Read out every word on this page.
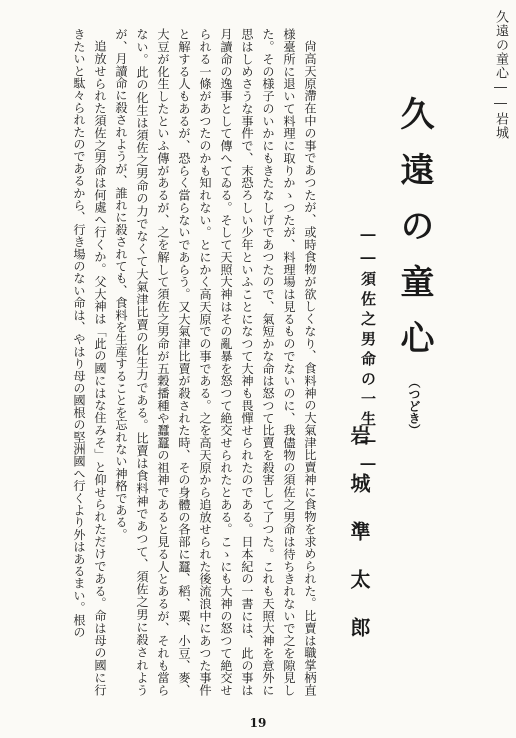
久遠の童心――岩城
久遠の童心（つどき）
――須佐之男命の一生――
岩城準太郎

尙高天原滯在中の事であつたが、或時食物が欲しくなり、食料神の大氣津比賣神に食物を求められた。比賣は職掌柄直様臺所に退いて料理に取りかゝつたが、料理場は見るものでないのに、我儘物の須佐之男命は待ちきれないで之を隙見した。その様子のいかにもきたなしげであつたので、氣短かな命は怒つて比賣を殺害して了つた。これも天照大神を意外に思はしめさうな事件で、末恐ろしい少年といふことになつて大神も畏憚せられたのである。日本紀の一書には、此の事は月讀命の逸事として傳へてゐる。そして天照大神はその亂暴を怒つて絶交せられたとある。こゝにも大神の怒つて絶交せられる一條があつたのかも知れない。とにかく高天原での事である。之を高天原から追放せられた後流浪中にあつた事件と解する人もあるが、恐らく當らないであらう。又大氣津比賣が殺された時、その身體の各部に蠶、稻、粟、小豆、麥、大豆が化生したといふ傳があるが、之を解して須佐之男命が五穀播種や蠶蠶の祖神であると見る人とあるが、それも當らない。此の化生は須佐之男命の力でなくて大氣津比賣の化生力である。比賣は食料神であつて、須佐之男に殺されようが、月讀命に殺されようが、誰れに殺されても、食料を生産することを忘れない神格である。

追放せられた須佐之男命は何處へ行くか。父大神は「此の國にはな住みそ」と仰せられただけである。命は母の國に行きたいと駄々られたのであるから、行き場のない命は、やはり母の國根の堅洲國へ行くより外はあるまい。根の

19
